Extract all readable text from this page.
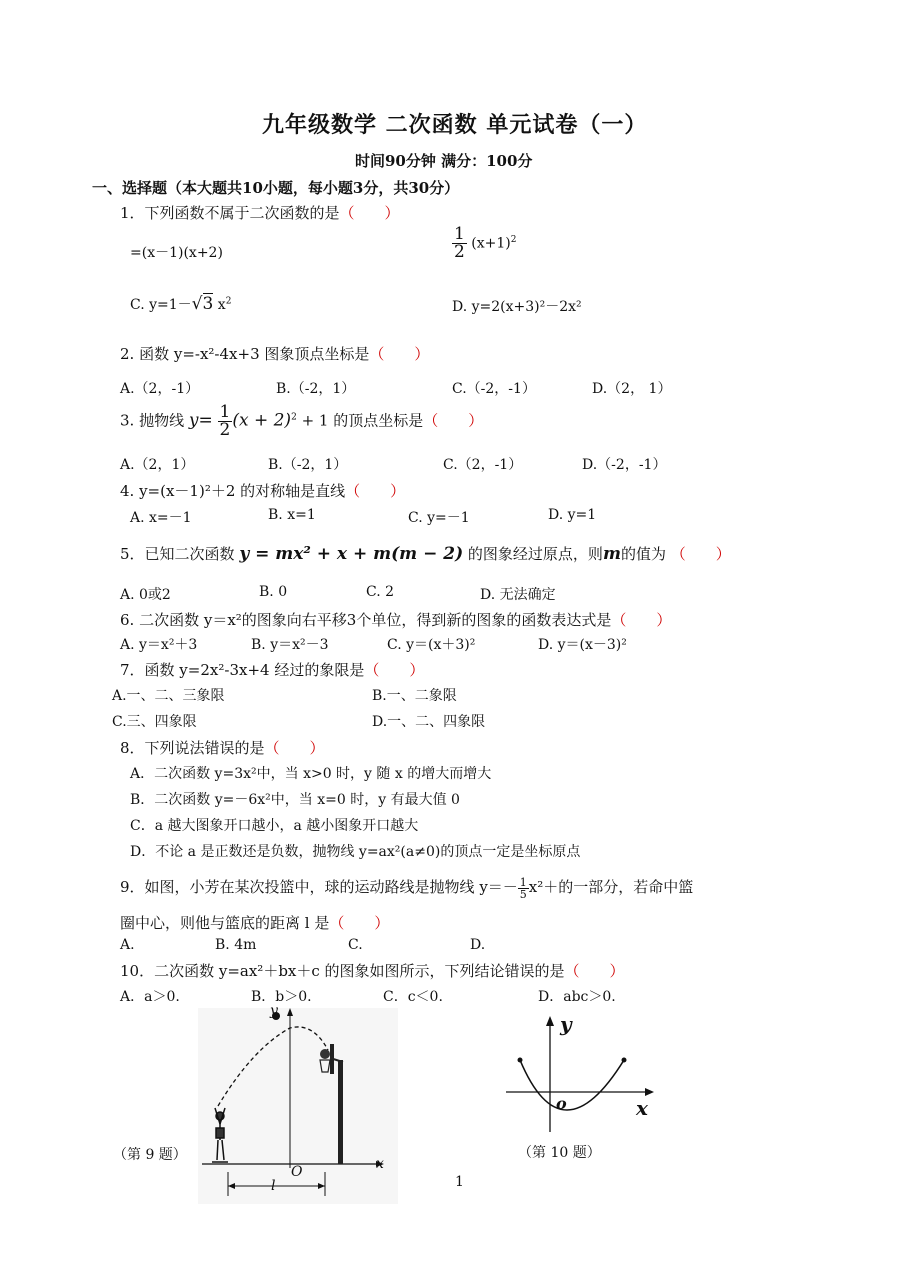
九年级数学 二次函数 单元试卷（一）
时间90分钟 满分：100分
一、选择题（本大题共10小题，每小题3分，共30分）
1．下列函数不属于二次函数的是（　　）
=(x－1)(x+2)	$\frac{1}{2} (x+1)^2$
C. y=1－√3 $x^2$	D. y=2(x+3)²－2x²
2. 函数 y=-x²-4x+3 图象顶点坐标是（　　）
A.（2，-1）	B.（-2，1）	C.（-2，-1）	D.（2， 1）
3. 抛物线 $y= \frac{1}{2} (x + 2)^2 + 1$ 的顶点坐标是（　　）
A.（2，1）	B.（-2，1）	C.（2，-1）	D.（-2，-1）
4. y=(x－1)²＋2 的对称轴是直线（　　）
A. x=－1	B. x=1	C. y=－1	D. y=1
5．已知二次函数 y = mx² + x + m(m − 2) 的图象经过原点，则m的值为 （　　）
A. 0或2	B. 0	C. 2	D. 无法确定
6. 二次函数 y＝x²的图象向右平移3个单位，得到新的图象的函数表达式是（　　）
A. y＝x²＋3	B. y＝x²－3	C. y＝(x＋3)²	D. y＝(x－3)²
7．函数 y=2x²-3x+4 经过的象限是（　　）
A.一、二、三象限	B.一、二象限
C.三、四象限	D.一、二、四象限
8．下列说法错误的是（　　）
A．二次函数 y=3x²中，当 x>0 时，y 随 x 的增大而增大
B．二次函数 y=－6x²中，当 x=0 时，y 有最大值 0
C．a 越大图象开口越小，a 越小图象开口越大
D．不论 a 是正数还是负数，抛物线 y=ax²(a≠0)的顶点一定是坐标原点
9．如图，小芳在某次投篮中，球的运动路线是抛物线 $y=- \frac{1}{5} x^2+$的一部分，若命中篮
圈中心，则他与篮底的距离 l 是（　　）
A.	B. 4m	C.	D.
10．二次函数 y=ax²＋bx＋c 的图象如图所示，下列结论错误的是（　　）
A．a＞0.	B．b＞0.	C．c＜0.	D．abc＞0.
y
x
O
l
（第 9 题）
y
x
o
（第 10 题）
1
